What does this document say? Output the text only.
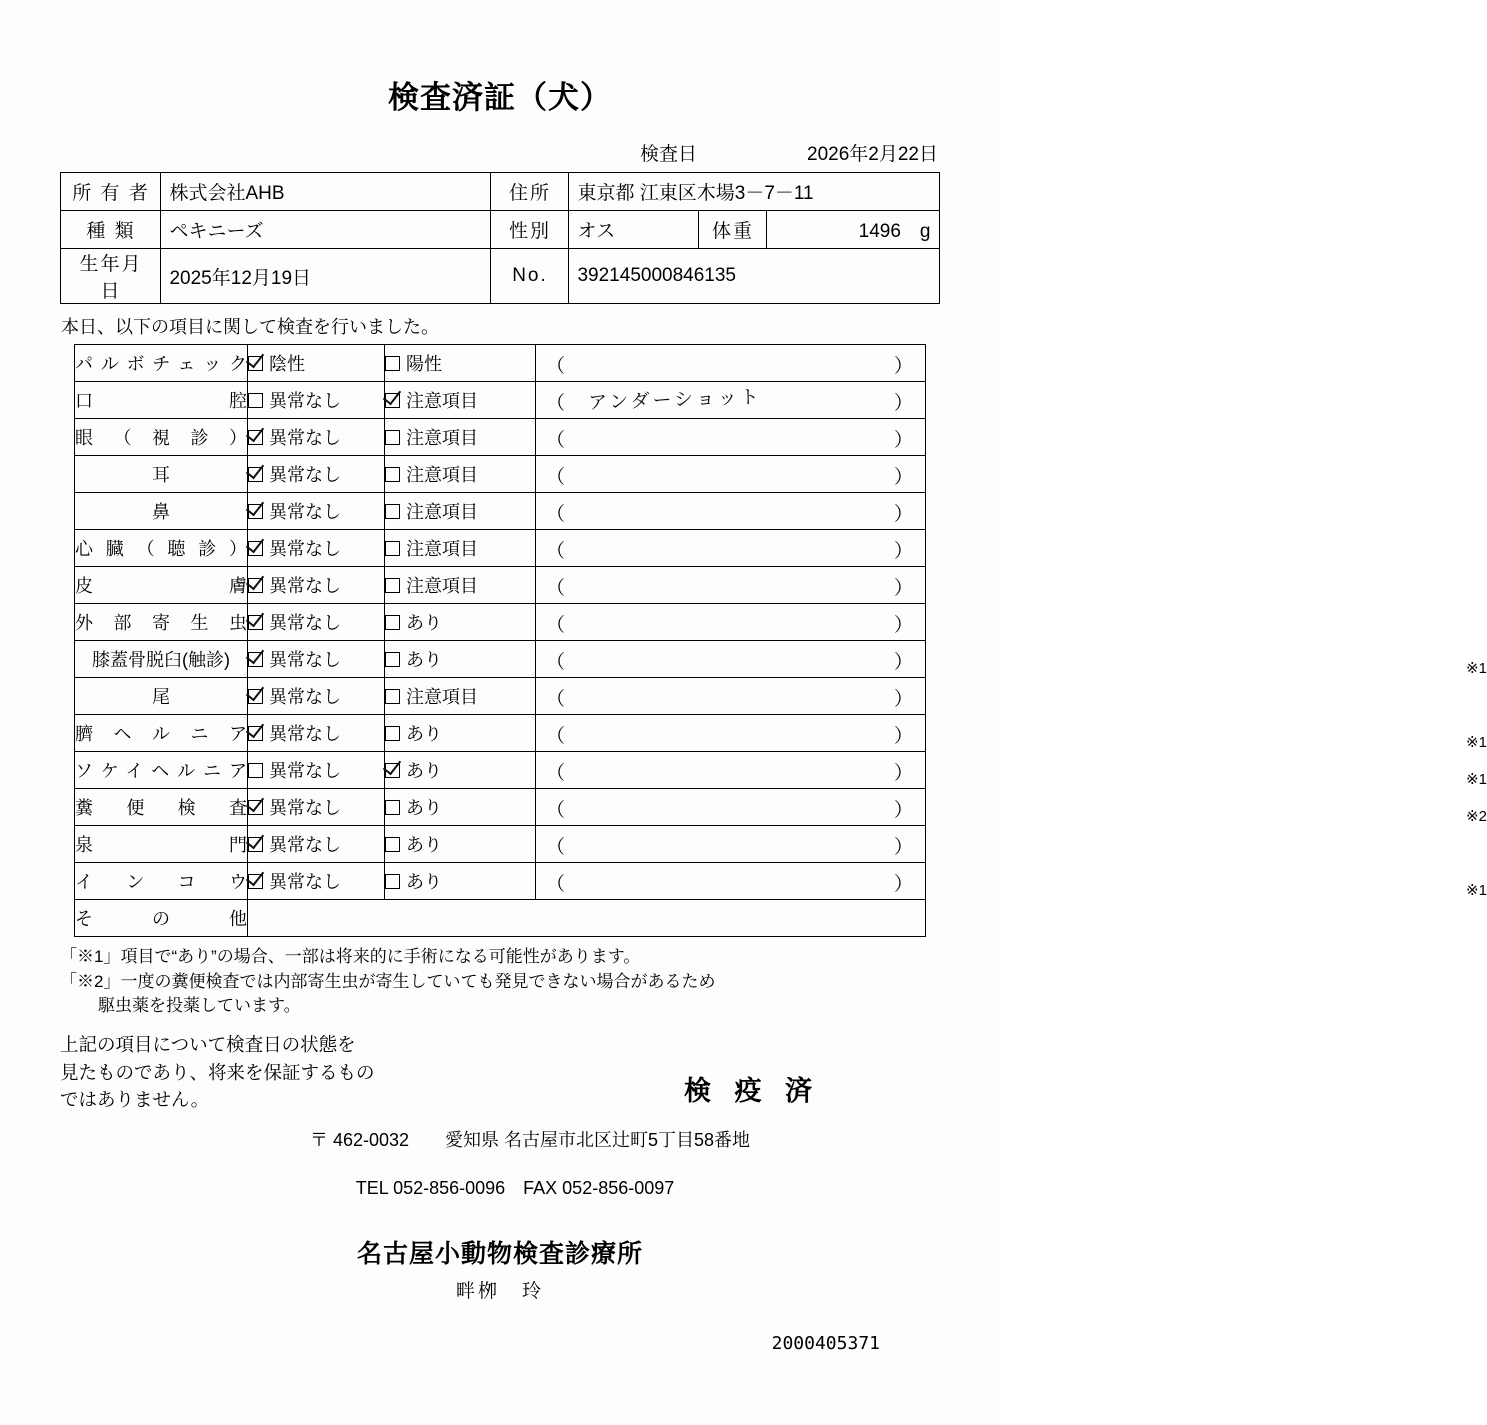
検査済証（犬）
検査日	2026年2月22日
所 有 者	株式会社AHB	住所	東京都 江東区木場3－7－11		
種 類	ペキニーズ	性別	オス	体重	1496　g
生年月日	2025年12月19日	No.	392145000846135		
本日、以下の項目に関して検査を行いました。
パルボチェック	陰性	陽性	（ ）

口　　　　腔	異常なし	注意項目	（ アンダーショット ）

眼（視診）	異常なし	注意項目	（ ）

耳	異常なし	注意項目	（ ）

鼻	異常なし	注意項目	（ ）

心臓（聴診）	異常なし	注意項目	（ ）

皮　　　　膚	異常なし	注意項目	（ ）

外部寄生虫	異常なし	あり	（ ）

膝蓋骨脱臼(触診)	異常なし	あり	（ ） ※1

尾	異常なし	注意項目	（ ）

臍ヘルニア	異常なし	あり	（ ） ※1

ソケイヘルニア	異常なし	あり	（ ） ※1

糞便検査	異常なし	あり	（ ） ※2

泉　　　　門	異常なし	あり	（ ）

インコウ	異常なし	あり	（ ） ※1

そ の 他			
「※1」項目で“あり”の場合、一部は将来的に手術になる可能性があります。
「※2」一度の糞便検査では内部寄生虫が寄生していても発見できない場合があるため
駆虫薬を投薬しています。
上記の項目について検査日の状態を
見たものであり、将来を保証するもの
ではありません。	検 疫 済
〒 462-0032　　愛知県 名古屋市北区辻町5丁目58番地
TEL 052-856-0096　FAX 052-856-0097
名古屋小動物検査診療所
畔栁　玲
2000405371
